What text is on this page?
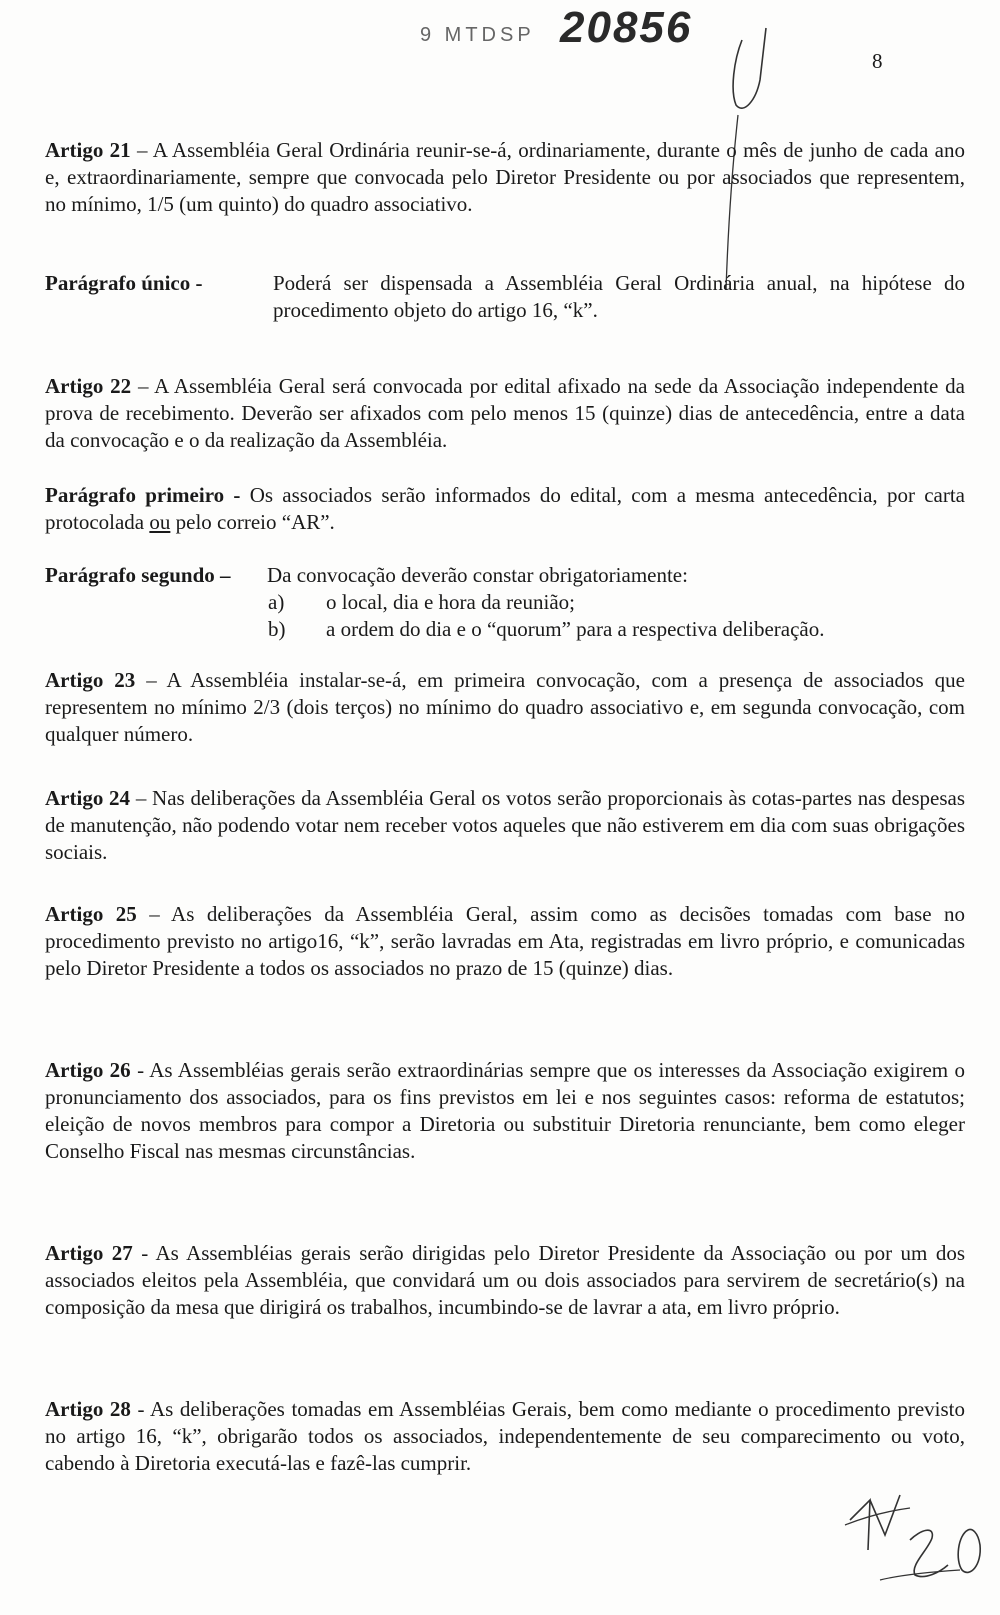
9 MTDSP 20856
8

Artigo 21 – A Assembléia Geral Ordinária reunir-se-á, ordinariamente, durante o mês de junho de cada ano e, extraordinariamente, sempre que convocada pelo Diretor Presidente ou por associados que representem, no mínimo, 1/5 (um quinto) do quadro associativo.

Parágrafo único -	Poderá ser dispensada a Assembléia Geral Ordinária anual, na hipótese do procedimento objeto do artigo 16, “k”.

Artigo 22 – A Assembléia Geral será convocada por edital afixado na sede da Associação independente da prova de recebimento. Deverão ser afixados com pelo menos 15 (quinze) dias de antecedência, entre a data da convocação e o da realização da Assembléia.

Parágrafo primeiro - Os associados serão informados do edital, com a mesma antecedência, por carta protocolada ou pelo correio “AR”.

Parágrafo segundo –	Da convocação deverão constar obrigatoriamente:
a)	o local, dia e hora da reunião;
b)	a ordem do dia e o “quorum” para a respectiva deliberação.

Artigo 23 – A Assembléia instalar-se-á, em primeira convocação, com a presença de associados que representem no mínimo 2/3 (dois terços) no mínimo do quadro associativo e, em segunda convocação, com qualquer número.

Artigo 24 – Nas deliberações da Assembléia Geral os votos serão proporcionais às cotas-partes nas despesas de manutenção, não podendo votar nem receber votos aqueles que não estiverem em dia com suas obrigações sociais.

Artigo 25 – As deliberações da Assembléia Geral, assim como as decisões tomadas com base no procedimento previsto no artigo16, “k”, serão lavradas em Ata, registradas em livro próprio, e comunicadas pelo Diretor Presidente a todos os associados no prazo de 15 (quinze) dias.

Artigo 26 - As Assembléias gerais serão extraordinárias sempre que os interesses da Associação exigirem o pronunciamento dos associados, para os fins previstos em lei e nos seguintes casos: reforma de estatutos; eleição de novos membros para compor a Diretoria ou substituir Diretoria renunciante, bem como eleger Conselho Fiscal nas mesmas circunstâncias.

Artigo 27 - As Assembléias gerais serão dirigidas pelo Diretor Presidente da Associação ou por um dos associados eleitos pela Assembléia, que convidará um ou dois associados para servirem de secretário(s) na composição da mesa que dirigirá os trabalhos, incumbindo-se de lavrar a ata, em livro próprio.

Artigo 28 - As deliberações tomadas em Assembléias Gerais, bem como mediante o procedimento previsto no artigo 16, “k”, obrigarão todos os associados, independentemente de seu comparecimento ou voto, cabendo à Diretoria executá-las e fazê-las cumprir.
